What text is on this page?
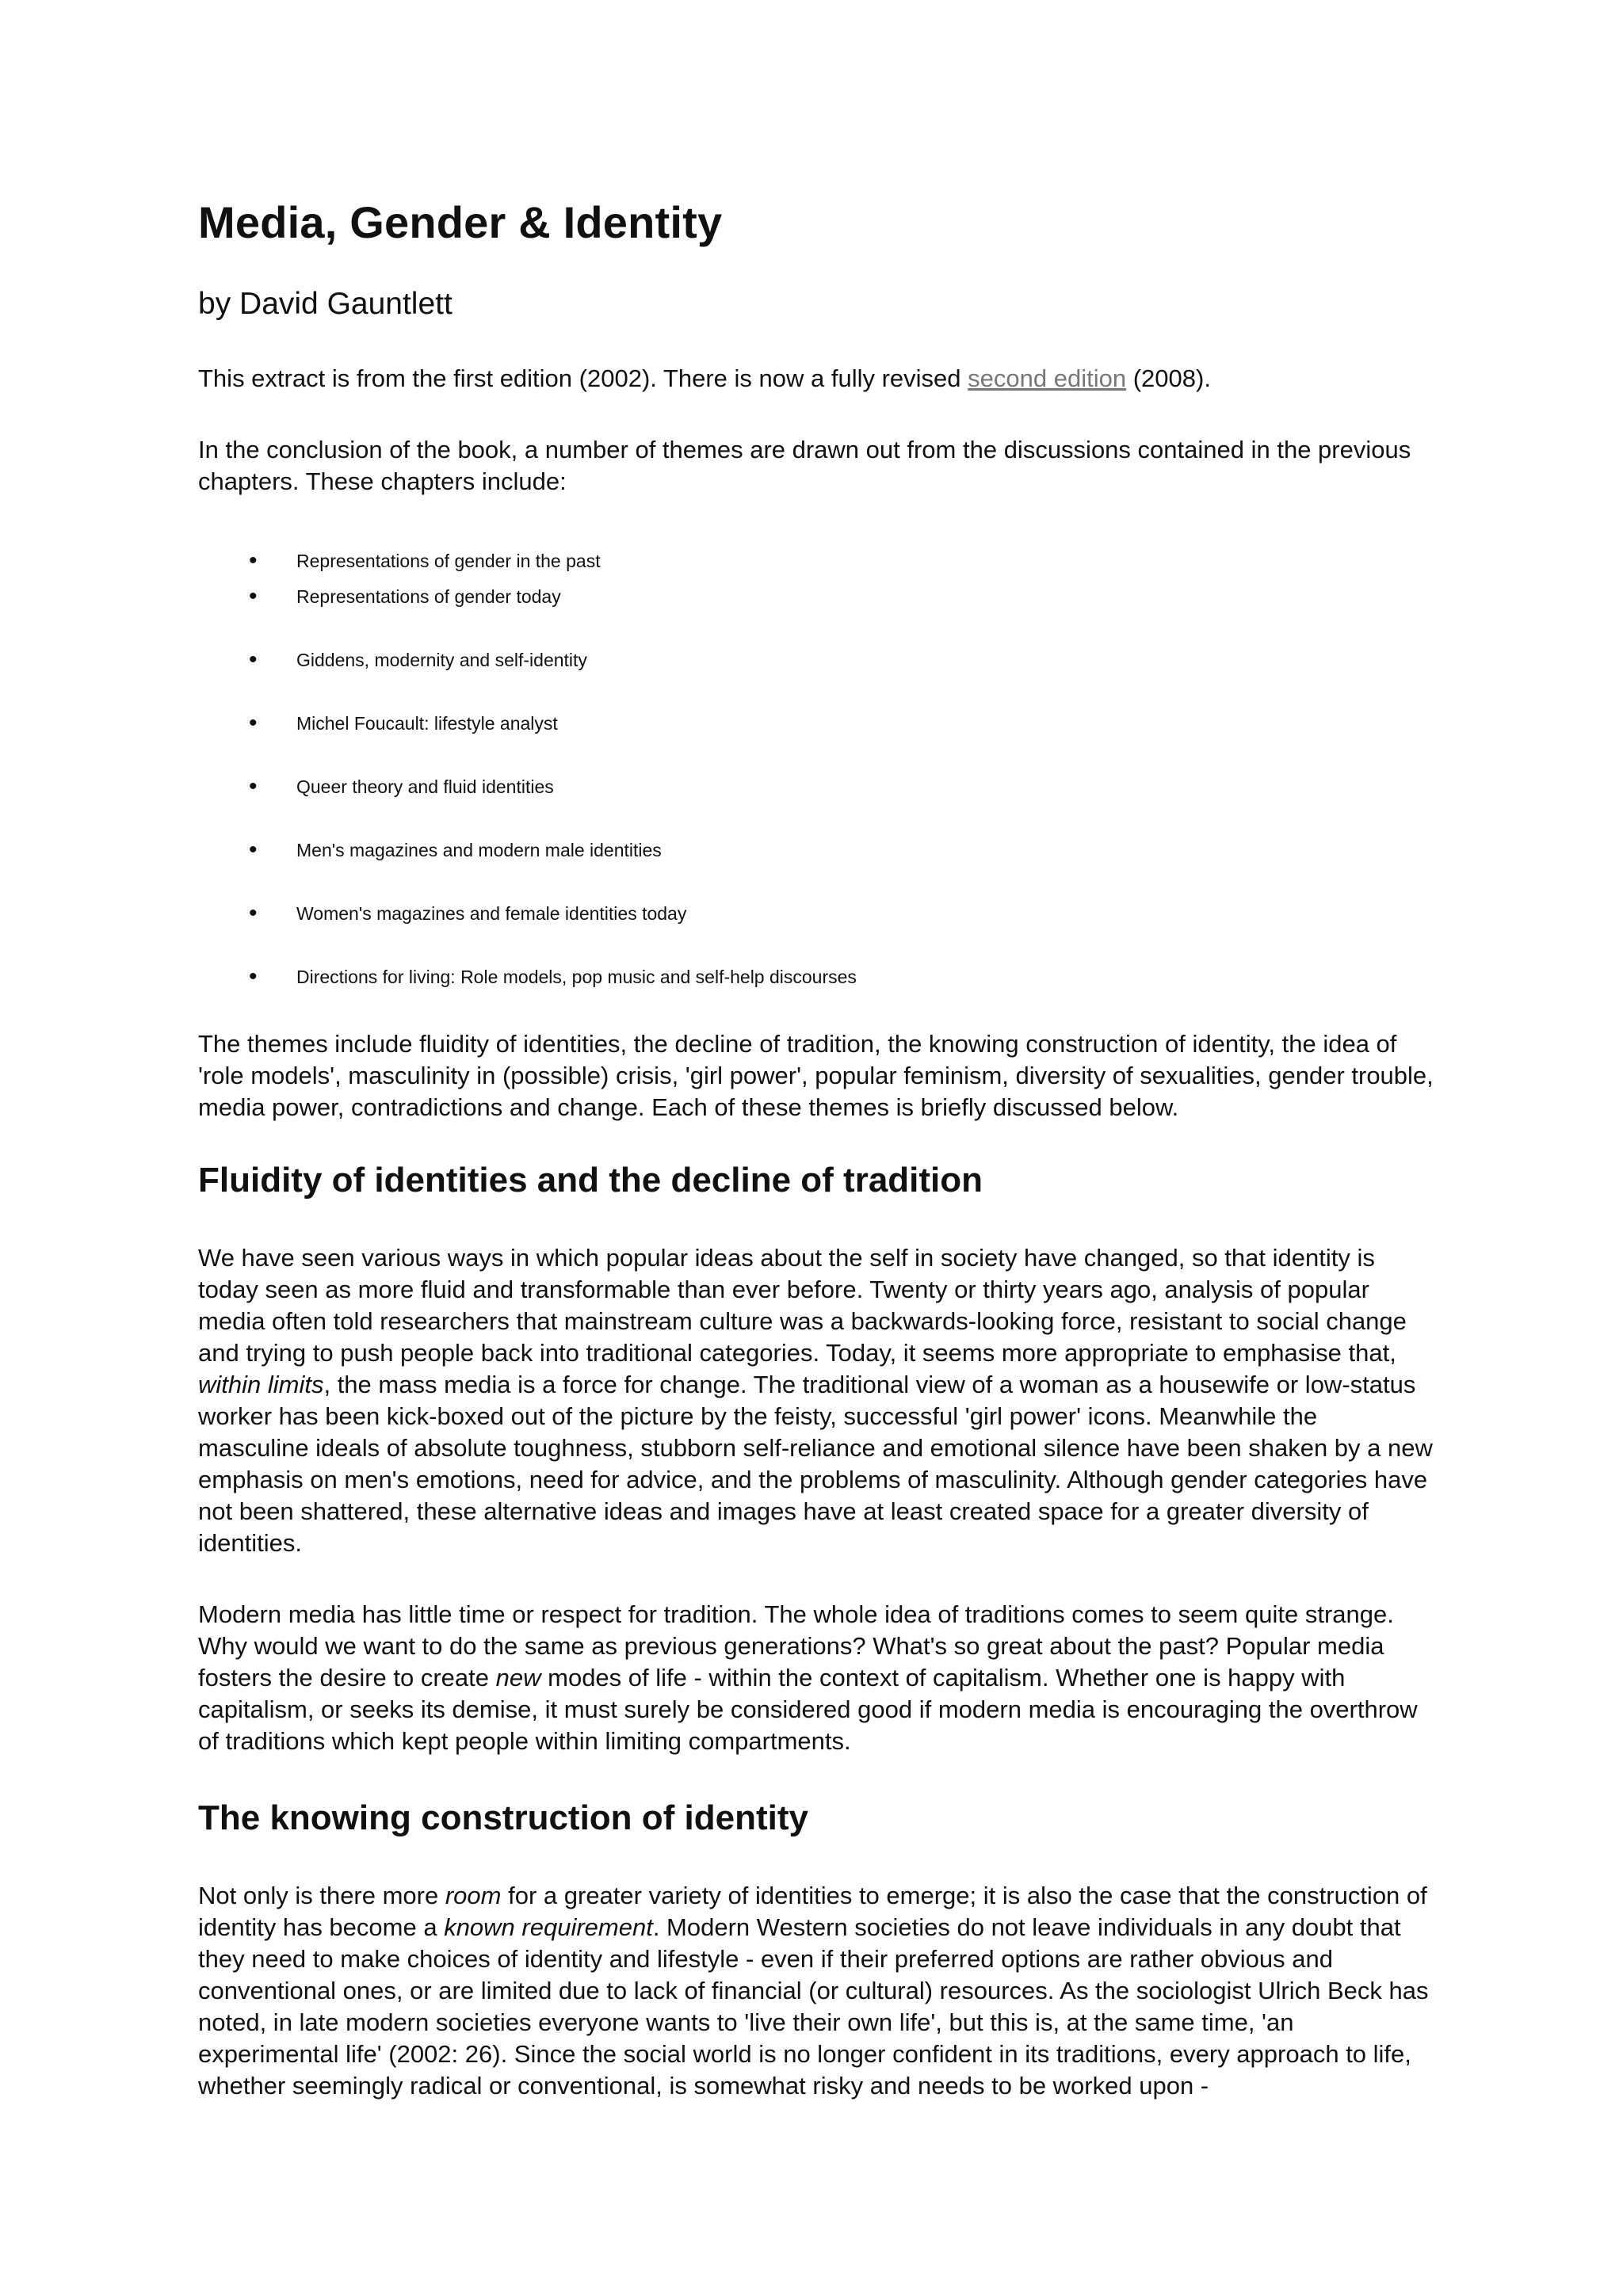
Media, Gender & Identity
by David Gauntlett

This extract is from the first edition (2002). There is now a fully revised second edition (2008).

In the conclusion of the book, a number of themes are drawn out from the discussions contained in the previous chapters. These chapters include:

• Representations of gender in the past
• Representations of gender today
• Giddens, modernity and self-identity
• Michel Foucault: lifestyle analyst
• Queer theory and fluid identities
• Men's magazines and modern male identities
• Women's magazines and female identities today
• Directions for living: Role models, pop music and self-help discourses

The themes include fluidity of identities, the decline of tradition, the knowing construction of identity, the idea of 'role models', masculinity in (possible) crisis, 'girl power', popular feminism, diversity of sexualities, gender trouble, media power, contradictions and change. Each of these themes is briefly discussed below.

Fluidity of identities and the decline of tradition

We have seen various ways in which popular ideas about the self in society have changed, so that identity is today seen as more fluid and transformable than ever before. Twenty or thirty years ago, analysis of popular media often told researchers that mainstream culture was a backwards-looking force, resistant to social change and trying to push people back into traditional categories. Today, it seems more appropriate to emphasise that, within limits, the mass media is a force for change. The traditional view of a woman as a housewife or low-status worker has been kick-boxed out of the picture by the feisty, successful 'girl power' icons. Meanwhile the masculine ideals of absolute toughness, stubborn self-reliance and emotional silence have been shaken by a new emphasis on men's emotions, need for advice, and the problems of masculinity. Although gender categories have not been shattered, these alternative ideas and images have at least created space for a greater diversity of identities.

Modern media has little time or respect for tradition. The whole idea of traditions comes to seem quite strange. Why would we want to do the same as previous generations? What's so great about the past? Popular media fosters the desire to create new modes of life - within the context of capitalism. Whether one is happy with capitalism, or seeks its demise, it must surely be considered good if modern media is encouraging the overthrow of traditions which kept people within limiting compartments.

The knowing construction of identity

Not only is there more room for a greater variety of identities to emerge; it is also the case that the construction of identity has become a known requirement. Modern Western societies do not leave individuals in any doubt that they need to make choices of identity and lifestyle - even if their preferred options are rather obvious and conventional ones, or are limited due to lack of financial (or cultural) resources. As the sociologist Ulrich Beck has noted, in late modern societies everyone wants to 'live their own life', but this is, at the same time, 'an experimental life' (2002: 26). Since the social world is no longer confident in its traditions, every approach to life, whether seemingly radical or conventional, is somewhat risky and needs to be worked upon -
